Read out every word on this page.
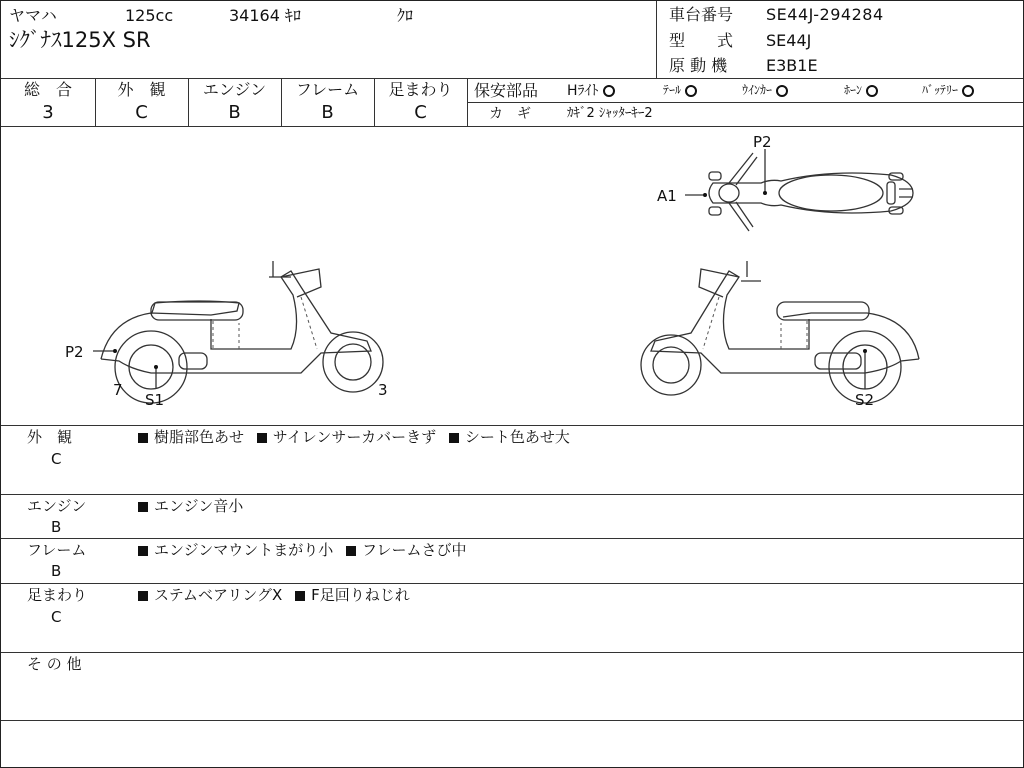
ヤマハ	125cc	34164 ｷﾛ	ｸﾛ
ｼｸﾞﾅｽ125X SR
車台番号 SE44J-294284
型　　式 SE44J
原 動 機 E3B1E
総　合
3
外　観
C
エンジン
B
フレーム
B
足まわり
C
保安部品 Hﾗｲﾄ	ﾃｰﾙ	ｳｲﾝｶｰ	ﾎｰﾝ	ﾊﾞｯﾃﾘｰ
カ　ギ	ｶｷﾞ2 ｼｬｯﾀｰｷｰ2
P2
A1
P2
7
S1
3
S2
外　観
C
樹脂部色あせ サイレンサーカバーきず シート色あせ大
エンジン
B
エンジン音小
フレーム
B
エンジンマウントまがり小 フレームさび中
足まわり
C
ステムベアリングX F足回りねじれ
そ の 他
